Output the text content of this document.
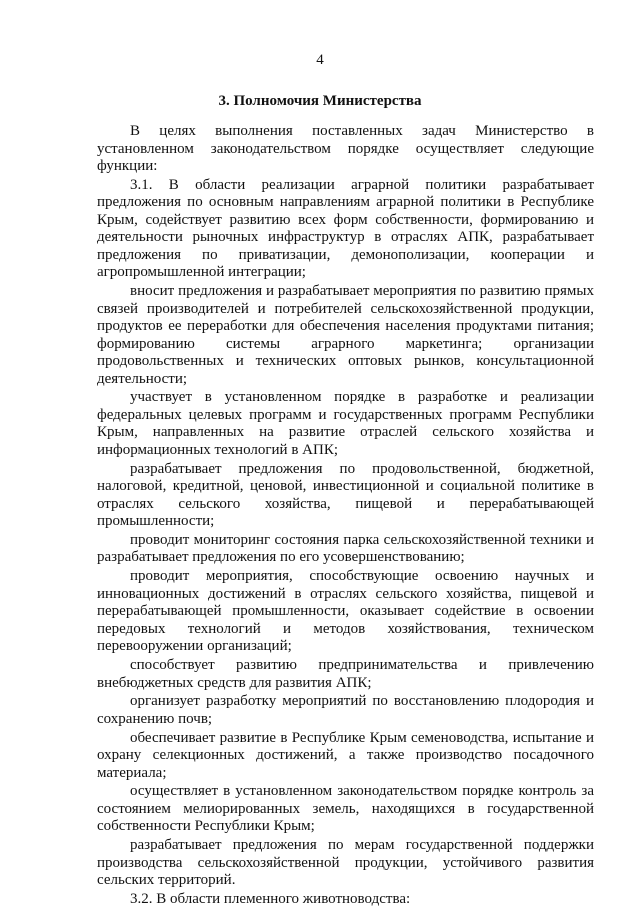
4
3. Полномочия Министерства

В целях выполнения поставленных задач Министерство в установленном законодательством порядке осуществляет следующие функции:

3.1. В области реализации аграрной политики разрабатывает предложения по основным направлениям аграрной политики в Республике Крым, содействует развитию всех форм собственности, формированию и деятельности рыночных инфраструктур в отраслях АПК, разрабатывает предложения по приватизации, демонополизации, кооперации и агропромышленной интеграции;

вносит предложения и разрабатывает мероприятия по развитию прямых связей производителей и потребителей сельскохозяйственной продукции, продуктов ее переработки для обеспечения населения продуктами питания; формированию системы аграрного маркетинга; организации продовольственных и технических оптовых рынков, консультационной деятельности;

участвует в установленном порядке в разработке и реализации федеральных целевых программ и государственных программ Республики Крым, направленных на развитие отраслей сельского хозяйства и информационных технологий в АПК;

разрабатывает предложения по продовольственной, бюджетной, налоговой, кредитной, ценовой, инвестиционной и социальной политике в отраслях сельского хозяйства, пищевой и перерабатывающей промышленности;

проводит мониторинг состояния парка сельскохозяйственной техники и разрабатывает предложения по его усовершенствованию;

проводит мероприятия, способствующие освоению научных и инновационных достижений в отраслях сельского хозяйства, пищевой и перерабатывающей промышленности, оказывает содействие в освоении передовых технологий и методов хозяйствования, техническом перевооружении организаций;

способствует развитию предпринимательства и привлечению внебюджетных средств для развития АПК;

организует разработку мероприятий по восстановлению плодородия и сохранению почв;

обеспечивает развитие в Республике Крым семеноводства, испытание и охрану селекционных достижений, а также производство посадочного материала;

осуществляет в установленном законодательством порядке контроль за состоянием мелиорированных земель, находящихся в государственной собственности Республики Крым;

разрабатывает предложения по мерам государственной поддержки производства сельскохозяйственной продукции, устойчивого развития сельских территорий.

3.2. В области племенного животноводства:
